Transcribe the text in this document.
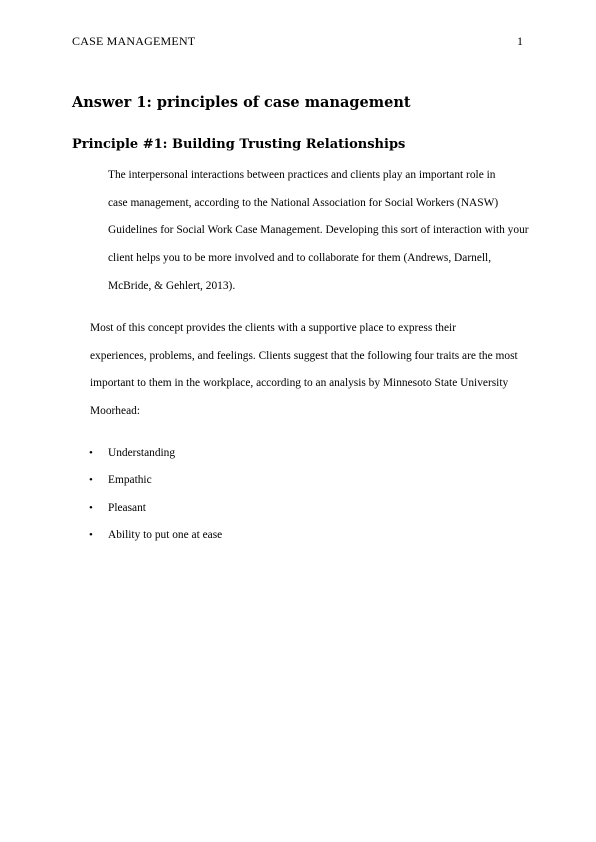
CASE MANAGEMENT	1
Answer 1: principles of case management
Principle #1: Building Trusting Relationships

The interpersonal interactions between practices and clients play an important role in
case management, according to the National Association for Social Workers (NASW)
Guidelines for Social Work Case Management. Developing this sort of interaction with your
client helps you to be more involved and to collaborate for them (Andrews, Darnell,
McBride, & Gehlert, 2013).

Most of this concept provides the clients with a supportive place to express their
experiences, problems, and feelings. Clients suggest that the following four traits are the most
important to them in the workplace, according to an analysis by Minnesoto State University
Moorhead:

• Understanding
• Empathic
• Pleasant
• Ability to put one at ease
